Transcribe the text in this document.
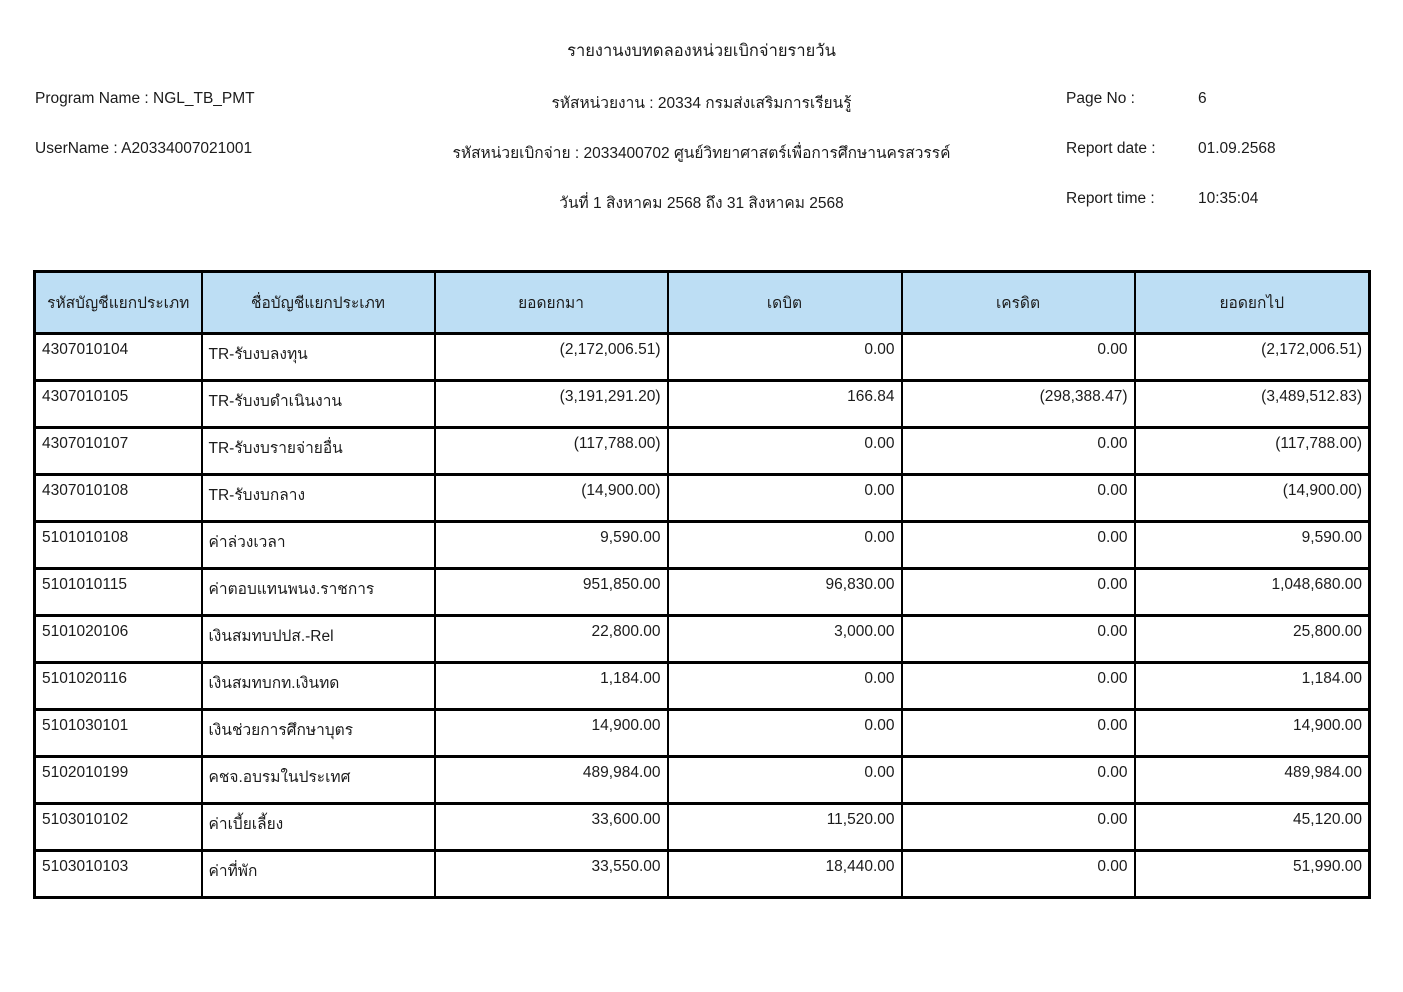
รายงานงบทดลองหน่วยเบิกจ่ายรายวัน
Program Name : NGL_TB_PMT	รหัสหน่วยงาน : 20334 กรมส่งเสริมการเรียนรู้	Page No :	6
UserName : A20334007021001	รหัสหน่วยเบิกจ่าย : 2033400702 ศูนย์วิทยาศาสตร์เพื่อการศึกษานครสวรรค์	Report date :	01.09.2568
วันที่ 1 สิงหาคม 2568 ถึง 31 สิงหาคม 2568	Report time :	10:35:04
รหัสบัญชีแยกประเภท	ชื่อบัญชีแยกประเภท	ยอดยกมา	เดบิต	เครดิต	ยอดยกไป
4307010104	TR-รับงบลงทุน	(2,172,006.51)	0.00	0.00	(2,172,006.51)
4307010105	TR-รับงบดำเนินงาน	(3,191,291.20)	166.84	(298,388.47)	(3,489,512.83)
4307010107	TR-รับงบรายจ่ายอื่น	(117,788.00)	0.00	0.00	(117,788.00)
4307010108	TR-รับงบกลาง	(14,900.00)	0.00	0.00	(14,900.00)
5101010108	ค่าล่วงเวลา	9,590.00	0.00	0.00	9,590.00
5101010115	ค่าตอบแทนพนง.ราชการ	951,850.00	96,830.00	0.00	1,048,680.00
5101020106	เงินสมทบปปส.-Rel	22,800.00	3,000.00	0.00	25,800.00
5101020116	เงินสมทบกท.เงินทด	1,184.00	0.00	0.00	1,184.00
5101030101	เงินช่วยการศึกษาบุตร	14,900.00	0.00	0.00	14,900.00
5102010199	คชจ.อบรมในประเทศ	489,984.00	0.00	0.00	489,984.00
5103010102	ค่าเบี้ยเลี้ยง	33,600.00	11,520.00	0.00	45,120.00
5103010103	ค่าที่พัก	33,550.00	18,440.00	0.00	51,990.00
